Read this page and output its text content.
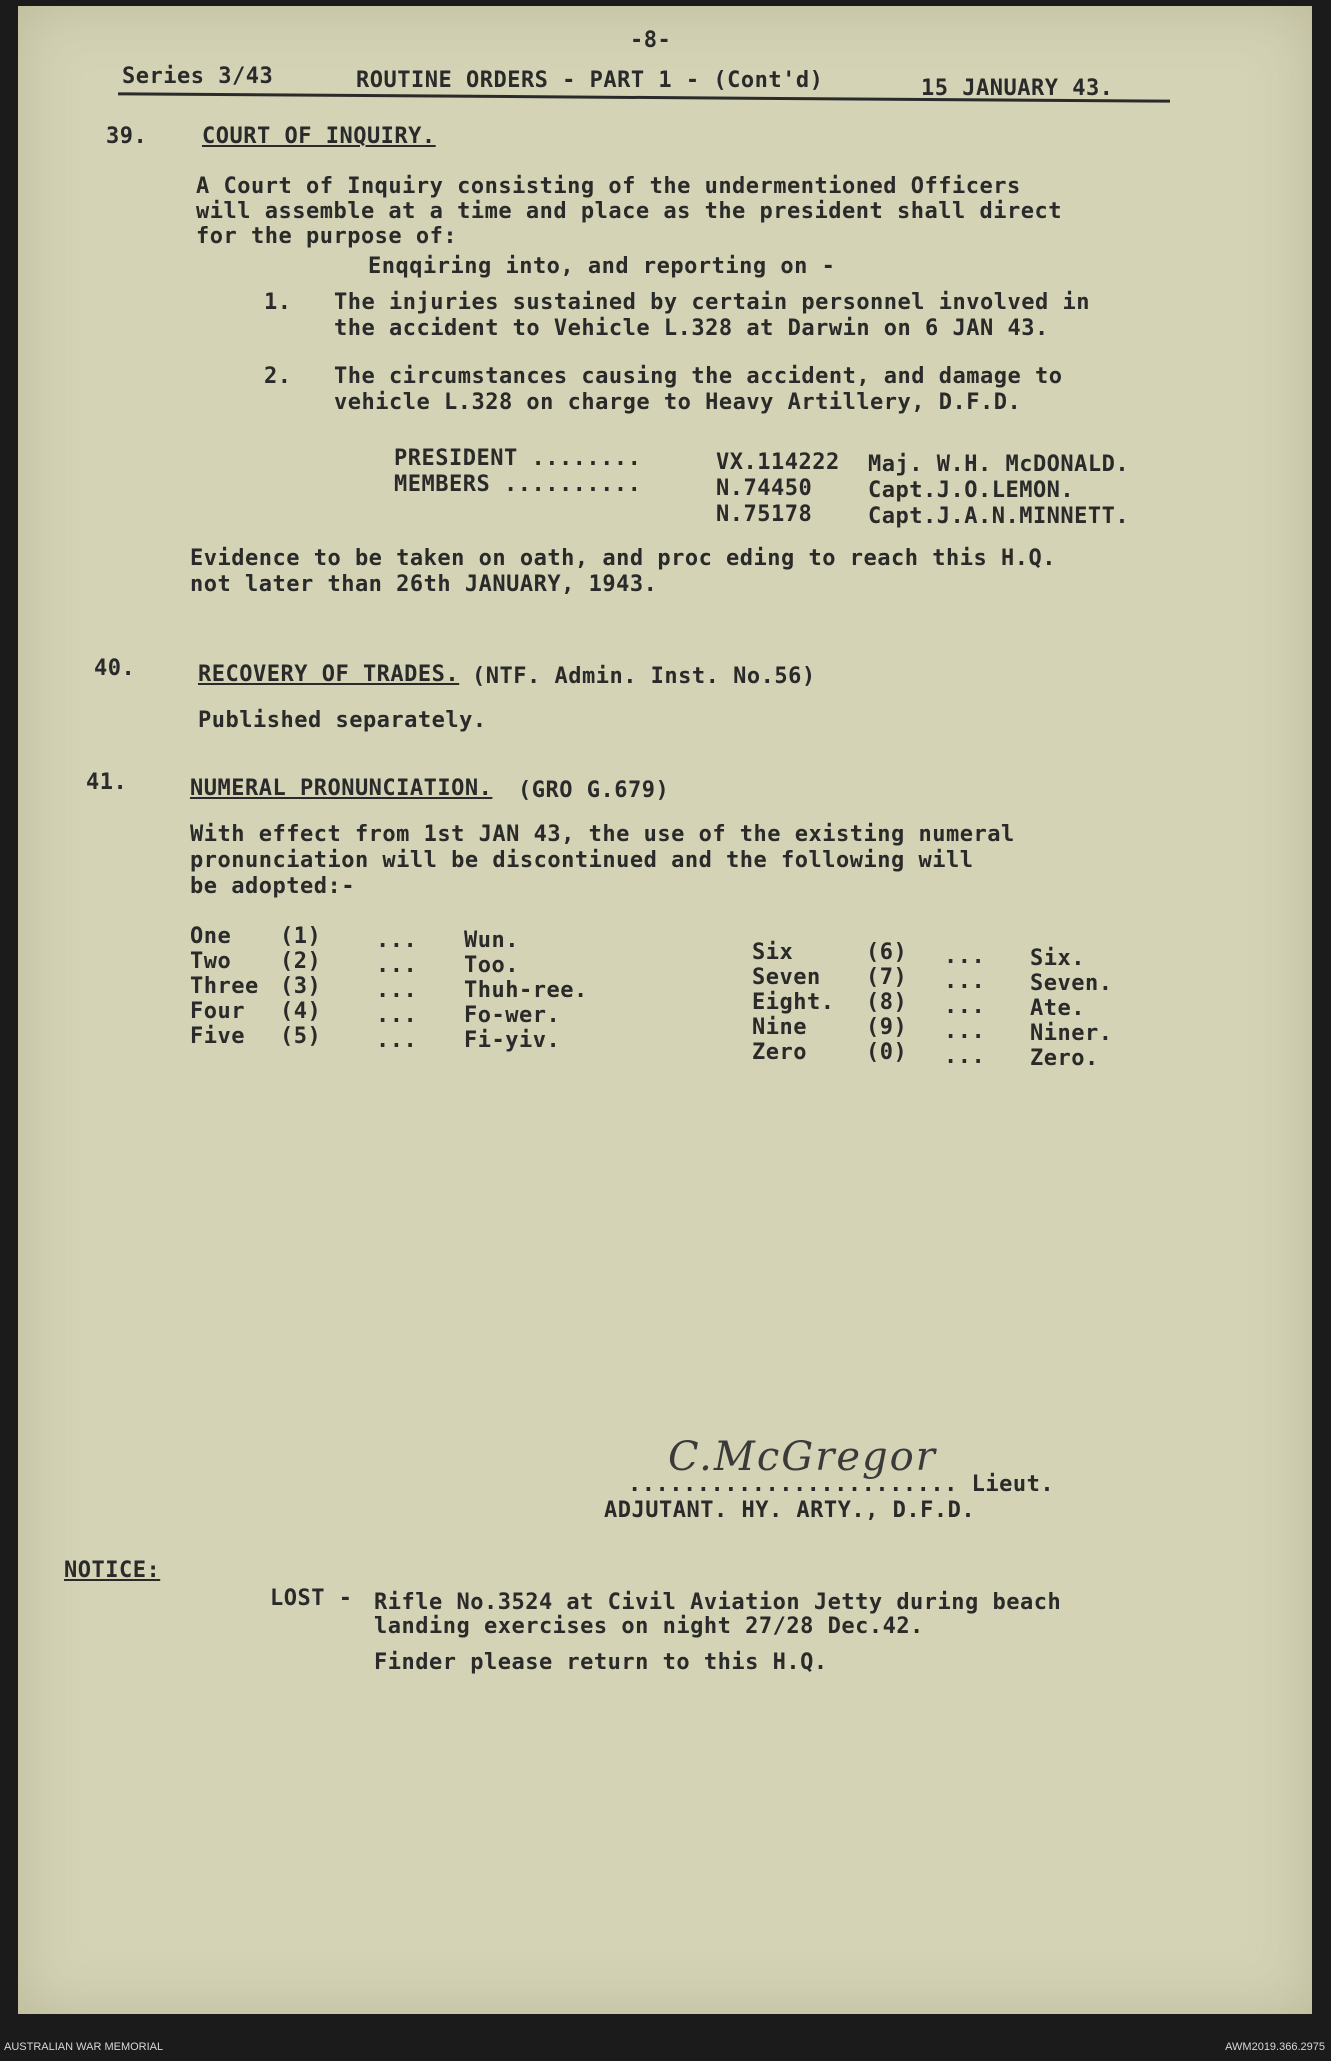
-8-
Series 3/43	ROUTINE ORDERS - PART 1 - (Cont'd)	15 JANUARY 43.
39. COURT OF INQUIRY.
A Court of Inquiry consisting of the undermentioned Officers
will assemble at a time and place as the president shall direct
for the purpose of:
Enqqiring into, and reporting on -
1. The injuries sustained by certain personnel involved in
the accident to Vehicle L.328 at Darwin on 6 JAN 43.
2. The circumstances causing the accident, and damage to
vehicle L.328 on charge to Heavy Artillery, D.F.D.
PRESIDENT ........	VX.114222 Maj. W.H. McDONALD.
MEMBERS ..........	N.74450	Capt.J.O.LEMON.
N.75178	Capt.J.A.N.MINNETT.
Evidence to be taken on oath, and proc eding to reach this H.Q.
not later than 26th JANUARY, 1943.
40.	RECOVERY OF TRADES. (NTF. Admin. Inst. No.56)
Published separately.
41.	NUMERAL PRONUNCIATION. (GRO G.679)
With effect from 1st JAN 43, the use of the existing numeral
pronunciation will be discontinued and the following will
be adopted:-
One (1) ... Wun.
Two (2) ... Too.
Three (3) ... Thuh-ree.
Four (4) ... Fo-wer.
Five (5) ... Fi-yiv.
Six	(6) ... Six.
Seven (7) ... Seven.
Eight. (8) ... Ate.
Nine	(9) ... Niner.
Zero	(0) ... Zero.
C.McGregor
........................ Lieut.
ADJUTANT. HY. ARTY., D.F.D.
NOTICE:
LOST - Rifle No.3524 at Civil Aviation Jetty during beach
landing exercises on night 27/28 Dec.42.
Finder please return to this H.Q.
AUSTRALIAN WAR MEMORIAL	AWM2019.366.2975
